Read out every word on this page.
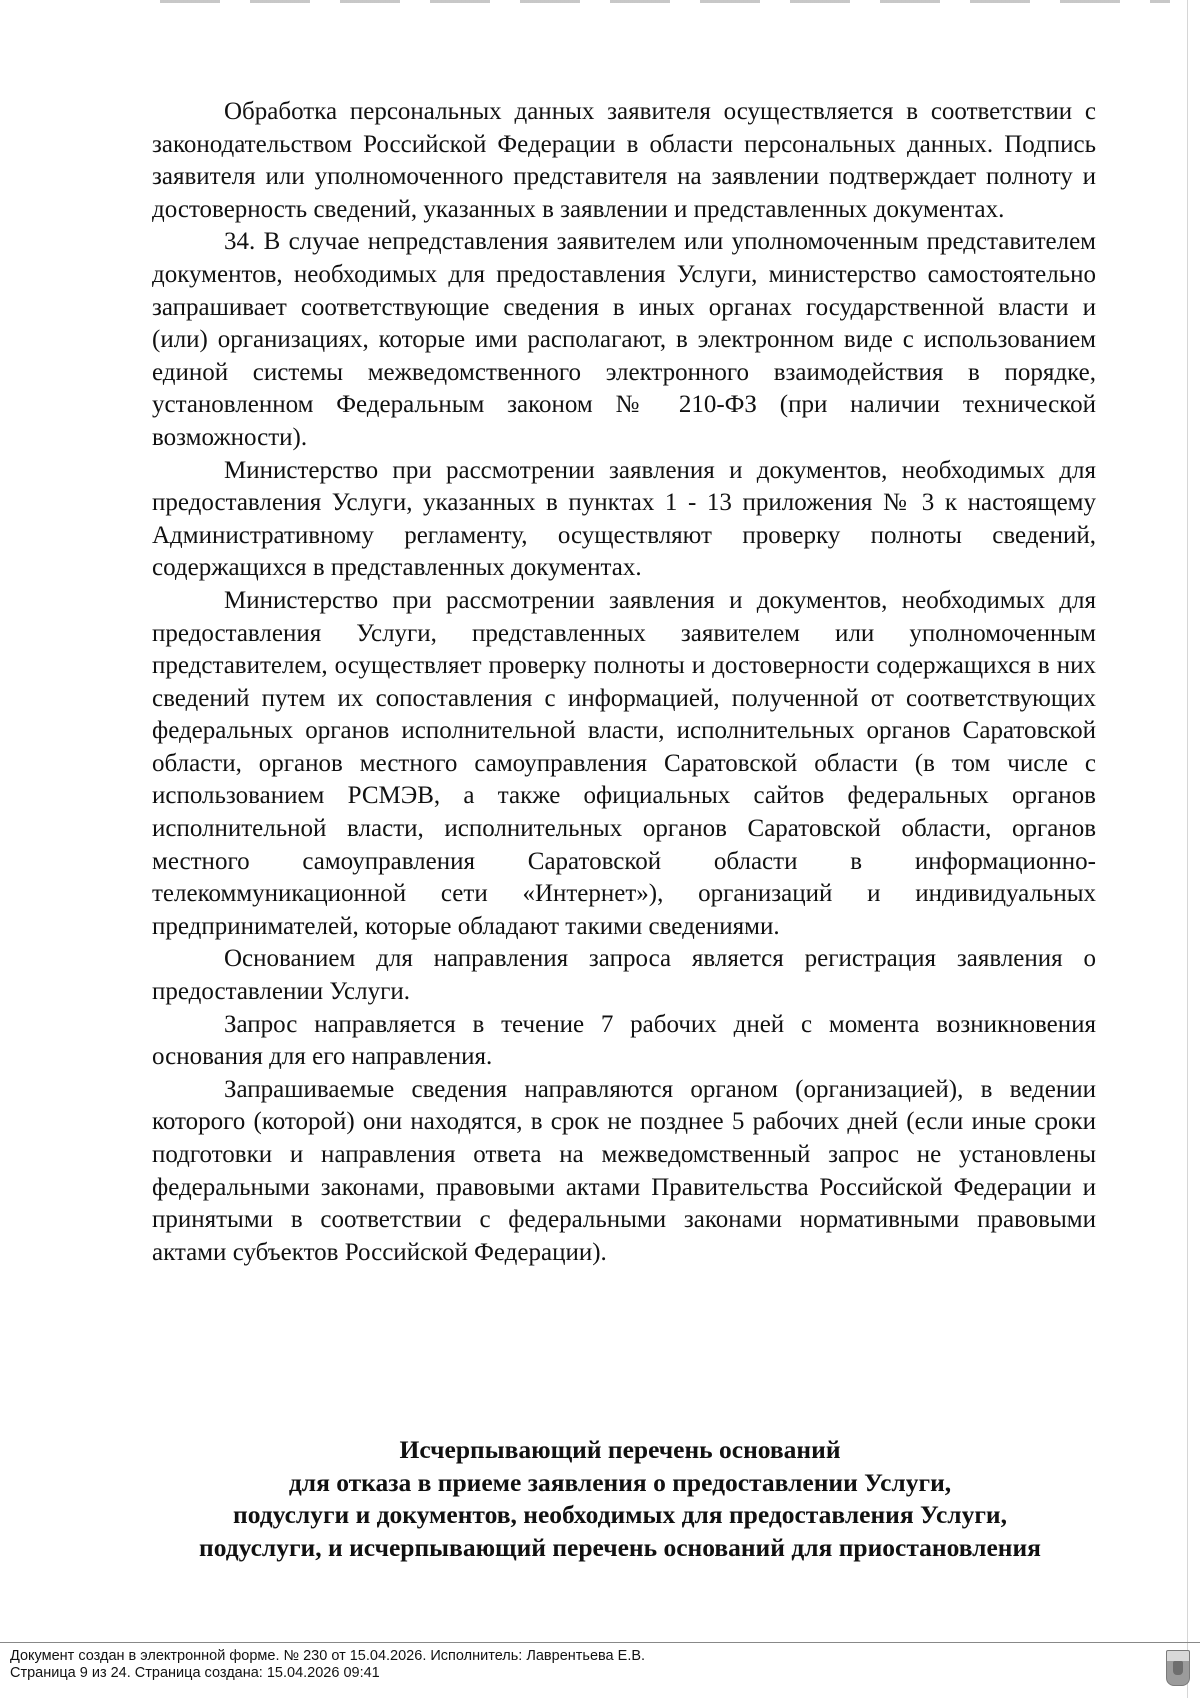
Обработка персональных данных заявителя осуществляется в соответствии с законодательством Российской Федерации в области персональных данных. Подпись заявителя или уполномоченного представителя на заявлении подтверждает полноту и достоверность сведений, указанных в заявлении и представленных документах.

34. В случае непредставления заявителем или уполномоченным представителем документов, необходимых для предоставления Услуги, министерство самостоятельно запрашивает соответствующие сведения в иных органах государственной власти и (или) организациях, которые ими располагают, в электронном виде с использованием единой системы межведомственного электронного взаимодействия в порядке, установленном Федеральным законом № 210-ФЗ (при наличии технической возможности).

Министерство при рассмотрении заявления и документов, необходимых для предоставления Услуги, указанных в пунктах 1 - 13 приложения № 3 к настоящему Административному регламенту, осуществляют проверку полноты сведений, содержащихся в представленных документах.

Министерство при рассмотрении заявления и документов, необходимых для предоставления Услуги, представленных заявителем или уполномоченным представителем, осуществляет проверку полноты и достоверности содержащихся в них сведений путем их сопоставления с информацией, полученной от соответствующих федеральных органов исполнительной власти, исполнительных органов Саратовской области, органов местного самоуправления Саратовской области (в том числе с использованием РСМЭВ, а также официальных сайтов федеральных органов исполнительной власти, исполнительных органов Саратовской области, органов местного самоуправления Саратовской области в информационно-телекоммуникационной сети «Интернет»), организаций и индивидуальных предпринимателей, которые обладают такими сведениями.

Основанием для направления запроса является регистрация заявления о предоставлении Услуги.

Запрос направляется в течение 7 рабочих дней с момента возникновения основания для его направления.

Запрашиваемые сведения направляются органом (организацией), в ведении которого (которой) они находятся, в срок не позднее 5 рабочих дней (если иные сроки подготовки и направления ответа на межведомственный запрос не установлены федеральными законами, правовыми актами Правительства Российской Федерации и принятыми в соответствии с федеральными законами нормативными правовыми актами субъектов Российской Федерации).

Исчерпывающий перечень оснований
для отказа в приеме заявления о предоставлении Услуги,
подуслуги и документов, необходимых для предоставления Услуги,
подуслуги, и исчерпывающий перечень оснований для приостановления
Документ создан в электронной форме. № 230 от 15.04.2026. Исполнитель: Лаврентьева Е.В.
Страница 9 из 24. Страница создана: 15.04.2026 09:41
